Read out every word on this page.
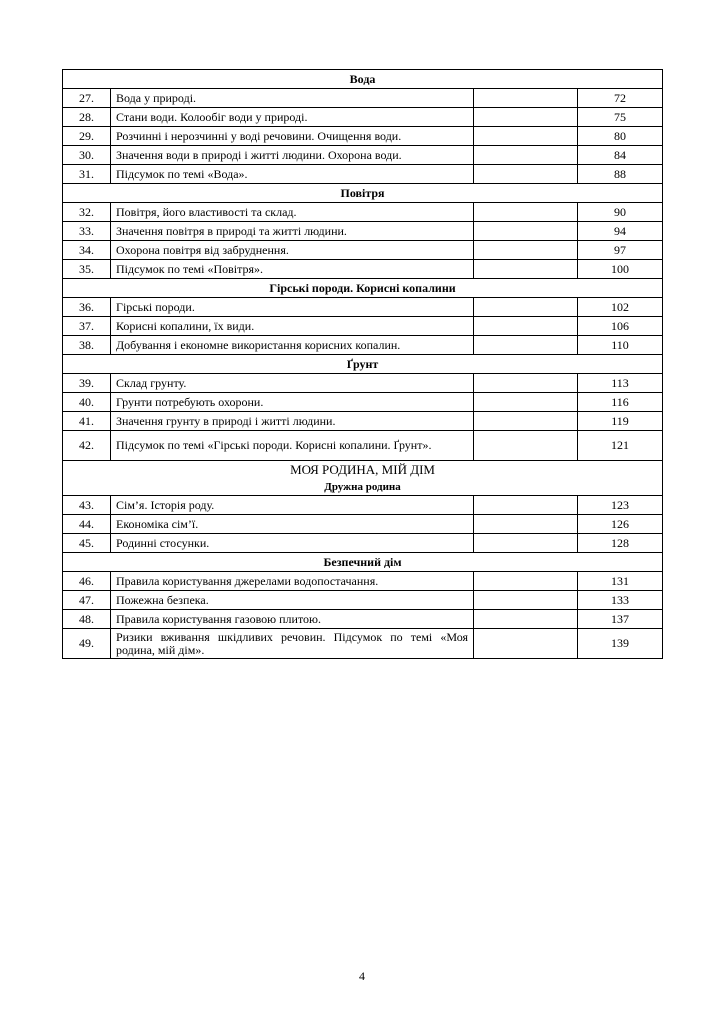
Вода			
27.	Вода у природі.		72
28.	Стани води. Колообіг води у природі.		75
29.	Розчинні і нерозчинні у воді речовини. Очищення води.		80
30.	Значення води в природі і житті людини. Охорона води.		84
31.	Підсумок по темі «Вода».		88
Повітря			
32.	Повітря, його властивості та склад.		90
33.	Значення повітря в природі та житті людини.		94
34.	Охорона повітря від забруднення.		97
35.	Підсумок по темі «Повітря».		100
Гірські породи. Корисні копалини			
36.	Гірські породи.		102
37.	Корисні копалини, їх види.		106
38.	Добування і економне використання корисних копалин.		110
Ґрунт			
39.	Склад грунту.		113
40.	Грунти потребують охорони.		116
41.	Значення грунту в природі і житті людини.		119
42.	Підсумок по темі «Гірські породи. Корисні копалини. Ґрунт».		121

МОЯ РОДИНА, МІЙ ДІМ
Дружна родина			

43.	Сім’я. Історія роду.		123
44.	Економіка сім’ї.		126
45.	Родинні стосунки.		128
Безпечний дім			
46.	Правила користування джерелами водопостачання.		131
47.	Пожежна безпека.		133
48.	Правила користування газовою плитою.		137
49.	Ризики вживання шкідливих речовин. Підсумок по темі «Моя родина, мій дім».		139
4
